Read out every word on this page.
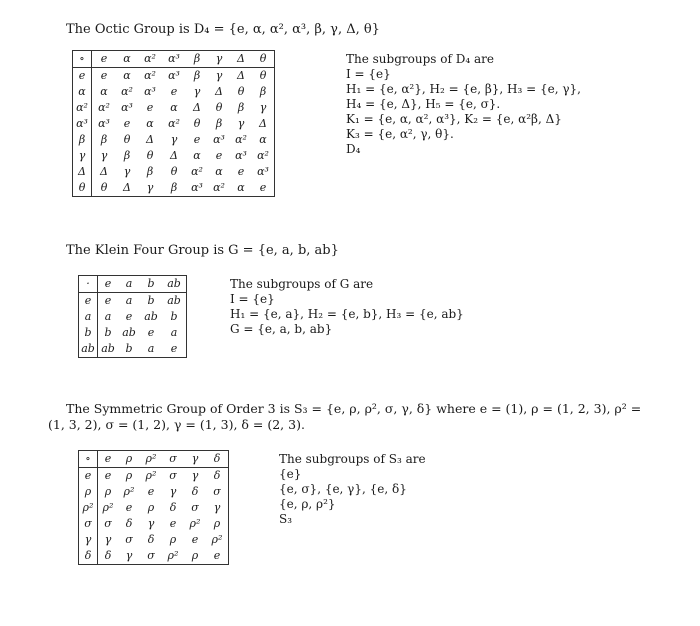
The Octic Group is D₄ = {e, α, α², α³, β, γ, Δ, θ}
∘	e	α	α²	α³	β	γ	Δ	θ
e	e	α	α²	α³	β	γ	Δ	θ
α	α	α²	α³	e	γ	Δ	θ	β
α²	α²	α³	e	α	Δ	θ	β	γ
α³	α³	e	α	α²	θ	β	γ	Δ
β	β	θ	Δ	γ	e	α³	α²	α
γ	γ	β	θ	Δ	α	e	α³	α²
Δ	Δ	γ	β	θ	α²	α	e	α³
θ	θ	Δ	γ	β	α³	α²	α	e
The subgroups of D₄ are
I = {e}
H₁ = {e, α²}, H₂ = {e, β}, H₃ = {e, γ},
H₄ = {e, Δ}, H₅ = {e, σ}.
K₁ = {e, α, α², α³}, K₂ = {e, α²β, Δ}
K₃ = {e, α², γ, θ}.
D₄
The Klein Four Group is G = {e, a, b, ab}
·	e	a	b	ab
e	e	a	b	ab
a	a	e	ab	b
b	b	ab	e	a
ab	ab	b	a	e
The subgroups of G are
I = {e}
H₁ = {e, a}, H₂ = {e, b}, H₃ = {e, ab}
G = {e, a, b, ab}
The Symmetric Group of Order 3 is S₃ = {e, ρ, ρ², σ, γ, δ} where e = (1), ρ = (1, 2, 3), ρ² =
(1, 3, 2), σ = (1, 2), γ = (1, 3), δ = (2, 3).
∘	e	ρ	ρ²	σ	γ	δ
e	e	ρ	ρ²	σ	γ	δ
ρ	ρ	ρ²	e	γ	δ	σ
ρ²	ρ²	e	ρ	δ	σ	γ
σ	σ	δ	γ	e	ρ²	ρ
γ	γ	σ	δ	ρ	e	ρ²
δ	δ	γ	σ	ρ²	ρ	e
The subgroups of S₃ are
{e}
{e, σ}, {e, γ}, {e, δ}
{e, ρ, ρ²}
S₃
